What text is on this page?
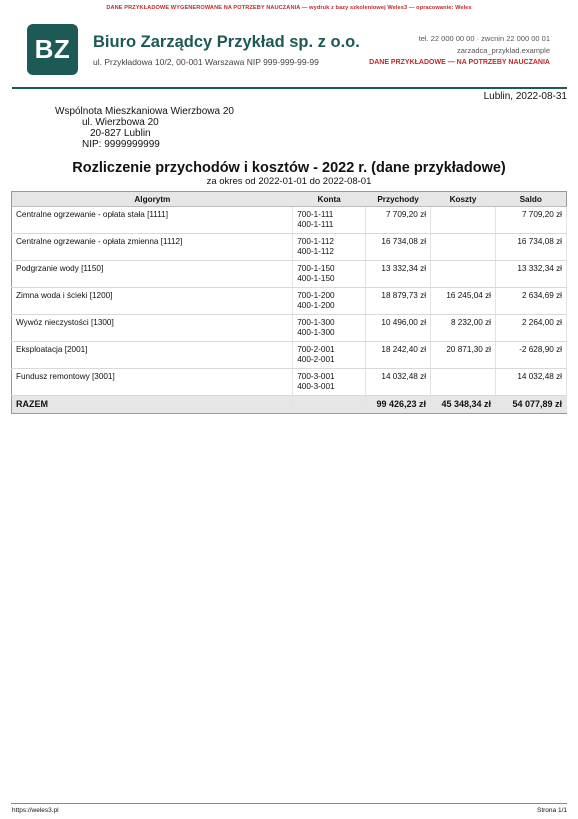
DANE PRZYKŁADOWE WYGENEROWANE NA POTRZEBY NAUCZANIA — wydruk z bazy szkoleniowej Weles3 — opracowanie: Weles
BZ Biuro Zarządcy Przykład sp. z o.o.
ul. Przykładowa 10/2, 00-001 Warszawa NIP 999-999-99-99
tel. 22 000 00 00 · zwcnin 22 000 00 01
zarzadca_przyklad.example
DANE PRZYKŁADOWE — NA POTRZEBY NAUCZANIA
Lublin, 2022-08-31
Wspólnota Mieszkaniowa Wierzbowa 20
ul. Wierzbowa 20
20-827 Lublin
NIP: 9999999999
Rozliczenie przychodów i kosztów - 2022 r. (dane przykładowe)
za okres od 2022-01-01 do 2022-08-01
Algorytm	Konta	Przychody	Koszty	Saldo
Centralne ogrzewanie - opłata stała [1111]	700-1-111
400-1-111	7 709,20 zł		7 709,20 zł
Centralne ogrzewanie - opłata zmienna [1112]	700-1-112
400-1-112	16 734,08 zł		16 734,08 zł
Podgrzanie wody [1150]	700-1-150
400-1-150	13 332,34 zł		13 332,34 zł
Zimna woda i ścieki [1200]	700-1-200
400-1-200	18 879,73 zł	16 245,04 zł	2 634,69 zł
Wywóz nieczystości [1300]	700-1-300
400-1-300	10 496,00 zł	8 232,00 zł	2 264,00 zł
Eksploatacja [2001]	700-2-001
400-2-001	18 242,40 zł	20 871,30 zł	-2 628,90 zł
Fundusz remontowy [3001]	700-3-001
400-3-001	14 032,48 zł		14 032,48 zł
RAZEM		99 426,23 zł	45 348,34 zł	54 077,89 zł
https://weles3.pl	Strona 1/1
